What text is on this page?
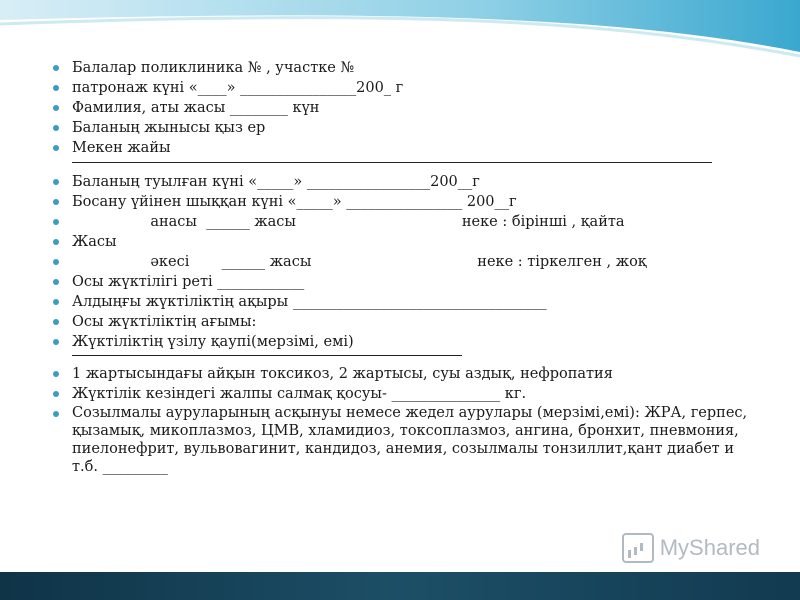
Балалар поликлиника № , участке №
патронаж күні «____» ________________200_ г
Фамилия, аты жасы ________ күн
Баланың жынысы қыз ер
Мекен жайы
Баланың туылған күні «_____» _________________200__г
Босану үйінен шыққан күні «_____» ________________ 200__г
анасы  ______ жасы                                    неке : бірінші , қайта
Жасы
әкесі       ______ жасы                                    неке : тіркелген , жоқ
Осы жүктілігі реті ____________
Алдыңғы жүктіліктің ақыры ___________________________________
Осы жүктіліктің ағымы:
Жүктіліктің үзілу қаупі(мерзімі, емі)
1 жартысындағы айқын токсикоз, 2 жартысы, суы аздық, нефропатия
Жүктілік кезіндегі жалпы салмақ қосуы- _______________ кг.
Созылмалы ауруларының асқынуы немесе жедел аурулары (мерзімі,емі): ЖРА, герпес, қызамық, микоплазмоз, ЦМВ, хламидиоз, токсоплазмоз, ангина, бронхит, пневмония, пиелонефрит, вульвовагинит, кандидоз, анемия, созылмалы тонзиллит,қант диабет и т.б. _________
MyShared
